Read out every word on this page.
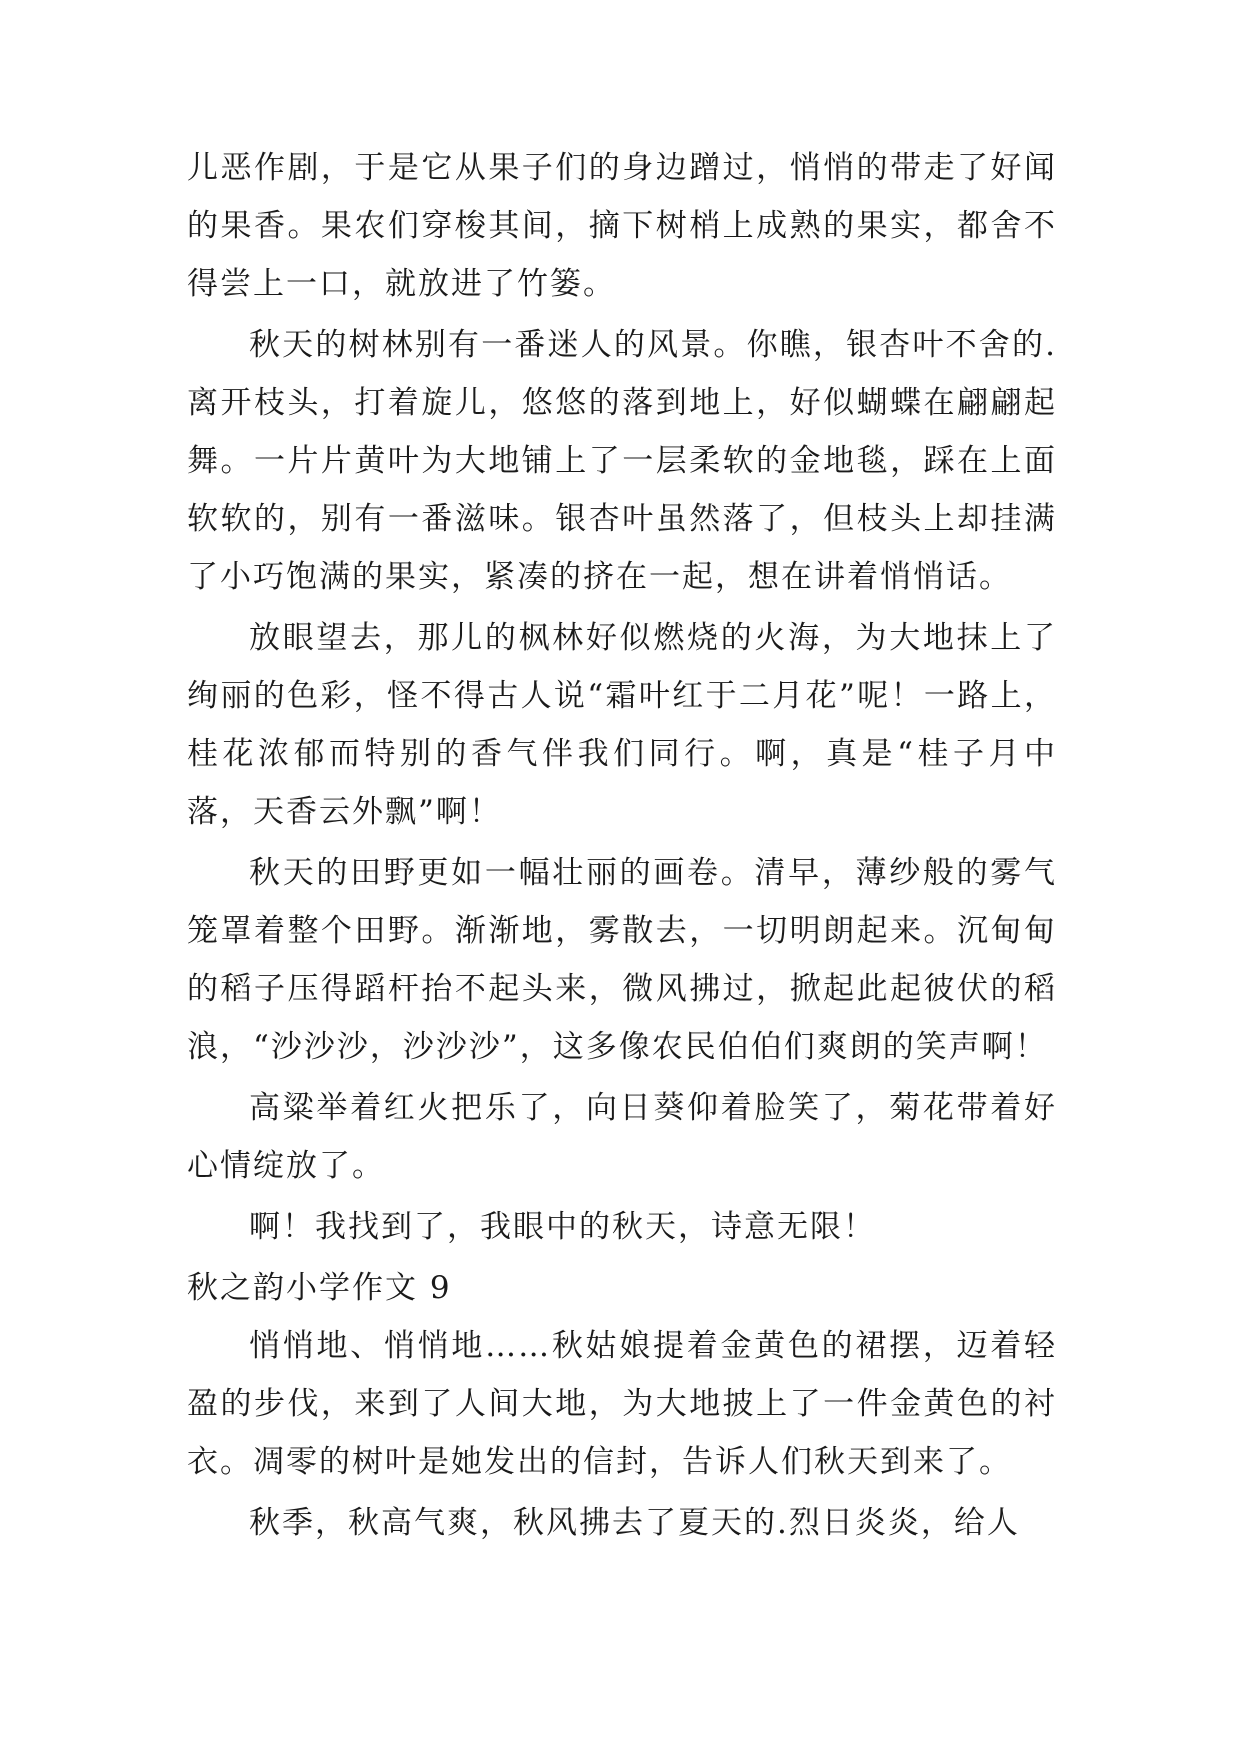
儿恶作剧，于是它从果子们的身边蹭过，悄悄的带走了好闻的果香。果农们穿梭其间，摘下树梢上成熟的果实，都舍不得尝上一口，就放进了竹篓。

秋天的树林别有一番迷人的风景。你瞧，银杏叶不舍的.离开枝头，打着旋儿，悠悠的落到地上，好似蝴蝶在翩翩起舞。一片片黄叶为大地铺上了一层柔软的金地毯，踩在上面软软的，别有一番滋味。银杏叶虽然落了，但枝头上却挂满了小巧饱满的果实，紧凑的挤在一起，想在讲着悄悄话。

放眼望去，那儿的枫林好似燃烧的火海，为大地抹上了绚丽的色彩，怪不得古人说“霜叶红于二月花”呢！一路上，桂花浓郁而特别的香气伴我们同行。啊，真是“桂子月中落，天香云外飘”啊！

秋天的田野更如一幅壮丽的画卷。清早，薄纱般的雾气笼罩着整个田野。渐渐地，雾散去，一切明朗起来。沉甸甸的稻子压得蹈杆抬不起头来，微风拂过，掀起此起彼伏的稻浪，“沙沙沙，沙沙沙”，这多像农民伯伯们爽朗的笑声啊！

高粱举着红火把乐了，向日葵仰着脸笑了，菊花带着好心情绽放了。

啊！我找到了，我眼中的秋天，诗意无限！

秋之韵小学作文 9

悄悄地、悄悄地……秋姑娘提着金黄色的裙摆，迈着轻盈的步伐，来到了人间大地，为大地披上了一件金黄色的衬衣。凋零的树叶是她发出的信封，告诉人们秋天到来了。

秋季，秋高气爽，秋风拂去了夏天的.烈日炎炎，给人
